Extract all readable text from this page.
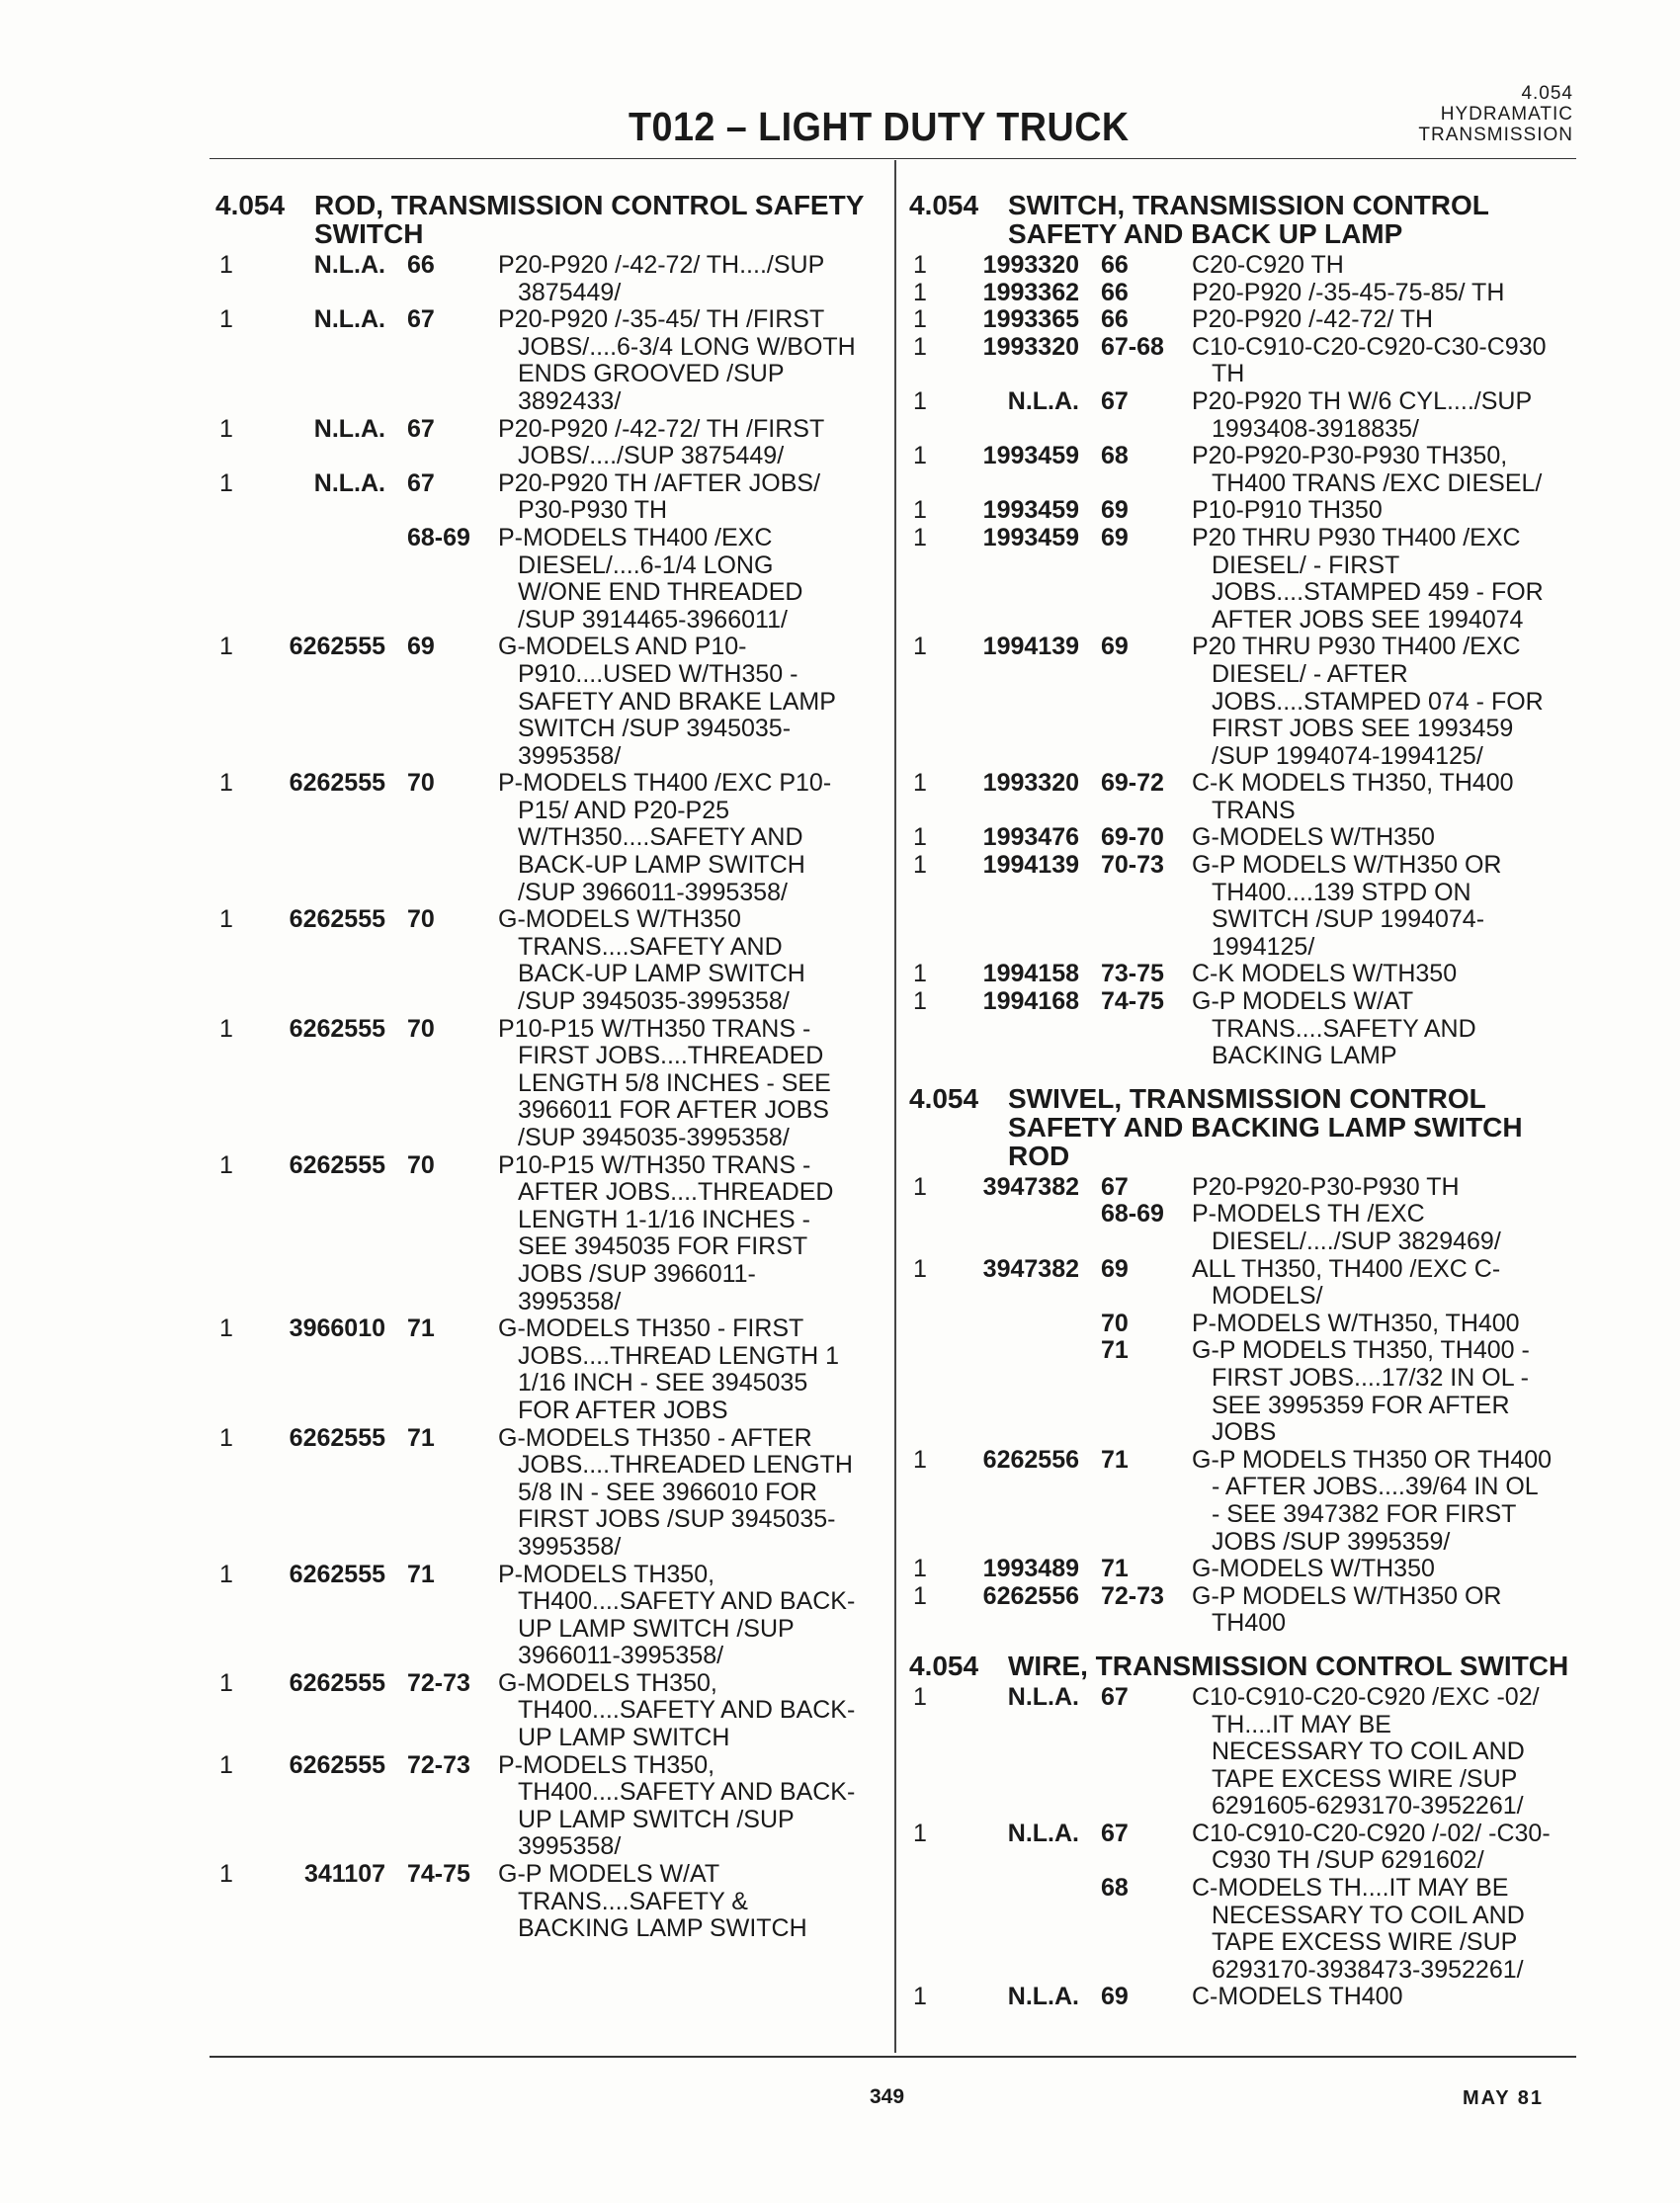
T012 – LIGHT DUTY TRUCK
4.054
HYDRAMATIC
TRANSMISSION
4.054	ROD, TRANSMISSION CONTROL SAFETY SWITCH
1	N.L.A. 66	P20-P920 /-42-72/ TH..../SUP
3875449/
1	N.L.A. 67	P20-P920 /-35-45/ TH /FIRST
JOBS/....6-3/4 LONG W/BOTH
ENDS GROOVED /SUP
3892433/
1	N.L.A. 67	P20-P920 /-42-72/ TH /FIRST
JOBS/..../SUP 3875449/
1	N.L.A. 67	P20-P920 TH /AFTER JOBS/
P30-P930 TH
68-69	P-MODELS TH400 /EXC
DIESEL/....6-1/4 LONG
W/ONE END THREADED
/SUP 3914465-3966011/
1	6262555 69	G-MODELS AND P10-
P910....USED W/TH350 -
SAFETY AND BRAKE LAMP
SWITCH /SUP 3945035-
3995358/
1	6262555 70	P-MODELS TH400 /EXC P10-
P15/ AND P20-P25
W/TH350....SAFETY AND
BACK-UP LAMP SWITCH
/SUP 3966011-3995358/
1	6262555 70	G-MODELS W/TH350
TRANS....SAFETY AND
BACK-UP LAMP SWITCH
/SUP 3945035-3995358/
1	6262555 70	P10-P15 W/TH350 TRANS -
FIRST JOBS....THREADED
LENGTH 5/8 INCHES - SEE
3966011 FOR AFTER JOBS
/SUP 3945035-3995358/
1	6262555 70	P10-P15 W/TH350 TRANS -
AFTER JOBS....THREADED
LENGTH 1-1/16 INCHES -
SEE 3945035 FOR FIRST
JOBS /SUP 3966011-
3995358/
1	3966010 71	G-MODELS TH350 - FIRST
JOBS....THREAD LENGTH 1
1/16 INCH - SEE 3945035
FOR AFTER JOBS
1	6262555 71	G-MODELS TH350 - AFTER
JOBS....THREADED LENGTH
5/8 IN - SEE 3966010 FOR
FIRST JOBS /SUP 3945035-
3995358/
1	6262555 71	P-MODELS TH350,
TH400....SAFETY AND BACK-
UP LAMP SWITCH /SUP
3966011-3995358/
1	6262555 72-73	G-MODELS TH350,
TH400....SAFETY AND BACK-
UP LAMP SWITCH
1	6262555 72-73	P-MODELS TH350,
TH400....SAFETY AND BACK-
UP LAMP SWITCH /SUP
3995358/
1	341107 74-75	G-P MODELS W/AT
TRANS....SAFETY &
BACKING LAMP SWITCH
4.054	SWITCH, TRANSMISSION CONTROL SAFETY AND BACK UP LAMP
1	1993320 66	C20-C920 TH
1	1993362 66	P20-P920 /-35-45-75-85/ TH
1	1993365 66	P20-P920 /-42-72/ TH
1	1993320 67-68	C10-C910-C20-C920-C30-C930
TH
1	N.L.A. 67	P20-P920 TH W/6 CYL..../SUP
1993408-3918835/
1	1993459 68	P20-P920-P30-P930 TH350,
TH400 TRANS /EXC DIESEL/
1	1993459 69	P10-P910 TH350
1	1993459 69	P20 THRU P930 TH400 /EXC
DIESEL/ - FIRST
JOBS....STAMPED 459 - FOR
AFTER JOBS SEE 1994074
1	1994139 69	P20 THRU P930 TH400 /EXC
DIESEL/ - AFTER
JOBS....STAMPED 074 - FOR
FIRST JOBS SEE 1993459
/SUP 1994074-1994125/
1	1993320 69-72	C-K MODELS TH350, TH400
TRANS
1	1993476 69-70	G-MODELS W/TH350
1	1994139 70-73	G-P MODELS W/TH350 OR
TH400....139 STPD ON
SWITCH /SUP 1994074-
1994125/
1	1994158 73-75	C-K MODELS W/TH350
1	1994168 74-75	G-P MODELS W/AT
TRANS....SAFETY AND
BACKING LAMP
4.054	SWIVEL, TRANSMISSION CONTROL SAFETY AND BACKING LAMP SWITCH ROD
1	3947382 67	P20-P920-P30-P930 TH
68-69	P-MODELS TH /EXC
DIESEL/..../SUP 3829469/
1	3947382 69	ALL TH350, TH400 /EXC C-
MODELS/
70	P-MODELS W/TH350, TH400
71	G-P MODELS TH350, TH400 -
FIRST JOBS....17/32 IN OL -
SEE 3995359 FOR AFTER
JOBS
1	6262556 71	G-P MODELS TH350 OR TH400
- AFTER JOBS....39/64 IN OL
- SEE 3947382 FOR FIRST
JOBS /SUP 3995359/
1	1993489 71	G-MODELS W/TH350
1	6262556 72-73	G-P MODELS W/TH350 OR
TH400
4.054	WIRE, TRANSMISSION CONTROL SWITCH
1	N.L.A. 67	C10-C910-C20-C920 /EXC -02/
TH....IT MAY BE
NECESSARY TO COIL AND
TAPE EXCESS WIRE /SUP
6291605-6293170-3952261/
1	N.L.A. 67	C10-C910-C20-C920 /-02/ -C30-
C930 TH /SUP 6291602/
68	C-MODELS TH....IT MAY BE
NECESSARY TO COIL AND
TAPE EXCESS WIRE /SUP
6293170-3938473-3952261/
1	N.L.A. 69	C-MODELS TH400
349	MAY 81
